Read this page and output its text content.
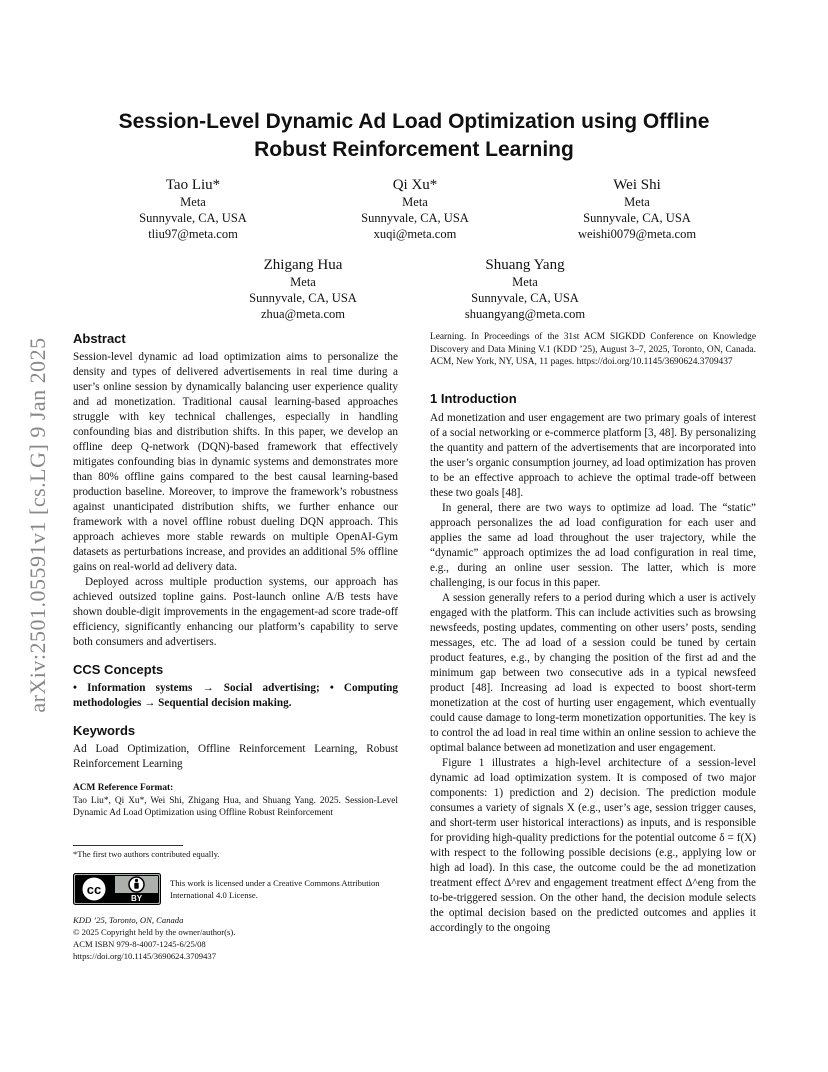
Session-Level Dynamic Ad Load Optimization using Offline Robust Reinforcement Learning
Tao Liu*
Meta
Sunnyvale, CA, USA
tliu97@meta.com
Qi Xu*
Meta
Sunnyvale, CA, USA
xuqi@meta.com
Wei Shi
Meta
Sunnyvale, CA, USA
weishi0079@meta.com
Zhigang Hua
Meta
Sunnyvale, CA, USA
zhua@meta.com
Shuang Yang
Meta
Sunnyvale, CA, USA
shuangyang@meta.com
arXiv:2501.05591v1 [cs.LG] 9 Jan 2025 Abstract

Session-level dynamic ad load optimization aims to personalize the density and types of delivered advertisements in real time during a user’s online session by dynamically balancing user experience quality and ad monetization. Traditional causal learning-based approaches struggle with key technical challenges, especially in handling confounding bias and distribution shifts. In this paper, we develop an offline deep Q-network (DQN)-based framework that effectively mitigates confounding bias in dynamic systems and demonstrates more than 80% offline gains compared to the best causal learning-based production baseline. Moreover, to improve the framework’s robustness against unanticipated distribution shifts, we further enhance our framework with a novel offline robust dueling DQN approach. This approach achieves more stable rewards on multiple OpenAI-Gym datasets as perturbations increase, and provides an additional 5% offline gains on real-world ad delivery data.

Deployed across multiple production systems, our approach has achieved outsized topline gains. Post-launch online A/B tests have shown double-digit improvements in the engagement-ad score trade-off efficiency, significantly enhancing our platform’s capability to serve both consumers and advertisers.

CCS Concepts

• Information systems → Social advertising; • Computing methodologies → Sequential decision making.

Keywords

Ad Load Optimization, Offline Reinforcement Learning, Robust Reinforcement Learning

ACM Reference Format:
Tao Liu*, Qi Xu*, Wei Shi, Zhigang Hua, and Shuang Yang. 2025. Session-Level Dynamic Ad Load Optimization using Offline Robust Reinforcement
*The first two authors contributed equally.
cc
BY
This work is licensed under a Creative Commons Attribution International 4.0 License.
KDD ’25, Toronto, ON, Canada
© 2025 Copyright held by the owner/author(s).
ACM ISBN 979-8-4007-1245-6/25/08
https://doi.org/10.1145/3690624.3709437
Learning. In Proceedings of the 31st ACM SIGKDD Conference on Knowledge Discovery and Data Mining V.1 (KDD ’25), August 3–7, 2025, Toronto, ON, Canada. ACM, New York, NY, USA, 11 pages. https://doi.org/10.1145/3690624.3709437
1 Introduction

Ad monetization and user engagement are two primary goals of interest of a social networking or e-commerce platform [3, 48]. By personalizing the quantity and pattern of the advertisements that are incorporated into the user’s organic consumption journey, ad load optimization has proven to be an effective approach to achieve the optimal trade-off between these two goals [48].

In general, there are two ways to optimize ad load. The “static” approach personalizes the ad load configuration for each user and applies the same ad load throughout the user trajectory, while the “dynamic” approach optimizes the ad load configuration in real time, e.g., during an online user session. The latter, which is more challenging, is our focus in this paper.

A session generally refers to a period during which a user is actively engaged with the platform. This can include activities such as browsing newsfeeds, posting updates, commenting on other users’ posts, sending messages, etc. The ad load of a session could be tuned by certain product features, e.g., by changing the position of the first ad and the minimum gap between two consecutive ads in a typical newsfeed product [48]. Increasing ad load is expected to boost short-term monetization at the cost of hurting user engagement, which eventually could cause damage to long-term monetization opportunities. The key is to control the ad load in real time within an online session to achieve the optimal balance between ad monetization and user engagement.

Figure 1 illustrates a high-level architecture of a session-level dynamic ad load optimization system. It is composed of two major components: 1) prediction and 2) decision. The prediction module consumes a variety of signals X (e.g., user’s age, session trigger causes, and short-term user historical interactions) as inputs, and is responsible for providing high-quality predictions for the potential outcome δ = f(X) with respect to the following possible decisions (e.g., applying low or high ad load). In this case, the outcome could be the ad monetization treatment effect Δ^rev and engagement treatment effect Δ^eng from the to-be-triggered session. On the other hand, the decision module selects the optimal decision based on the predicted outcomes and applies it accordingly to the ongoing
